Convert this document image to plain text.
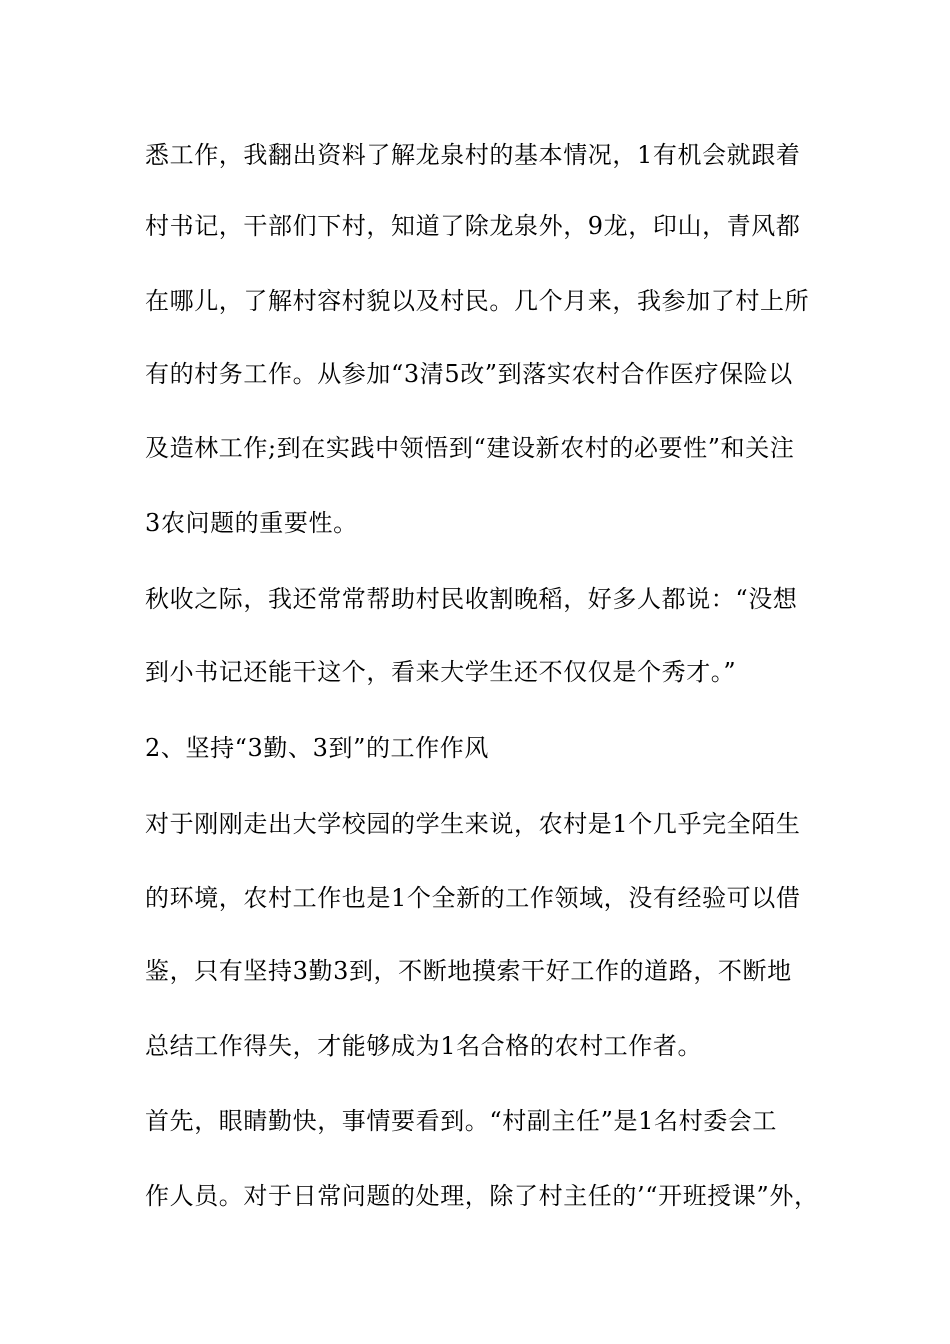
悉工作，我翻出资料了解龙泉村的基本情况，1有机会就跟着
村书记，干部们下村，知道了除龙泉外，9龙，印山，青风都
在哪儿，了解村容村貌以及村民。几个月来，我参加了村上所
有的村务工作。从参加“3清5改”到落实农村合作医疗保险以
及造林工作;到在实践中领悟到“建设新农村的必要性”和关注
3农问题的重要性。
秋收之际，我还常常帮助村民收割晚稻，好多人都说：“没想
到小书记还能干这个，看来大学生还不仅仅是个秀才。”
2、坚持“3勤、3到”的工作作风
对于刚刚走出大学校园的学生来说，农村是1个几乎完全陌生
的环境，农村工作也是1个全新的工作领域，没有经验可以借
鉴，只有坚持3勤3到，不断地摸索干好工作的道路，不断地
总结工作得失，才能够成为1名合格的农村工作者。
首先，眼睛勤快，事情要看到。“村副主任”是1名村委会工
作人员。对于日常问题的处理，除了村主任的’“开班授课”外，
